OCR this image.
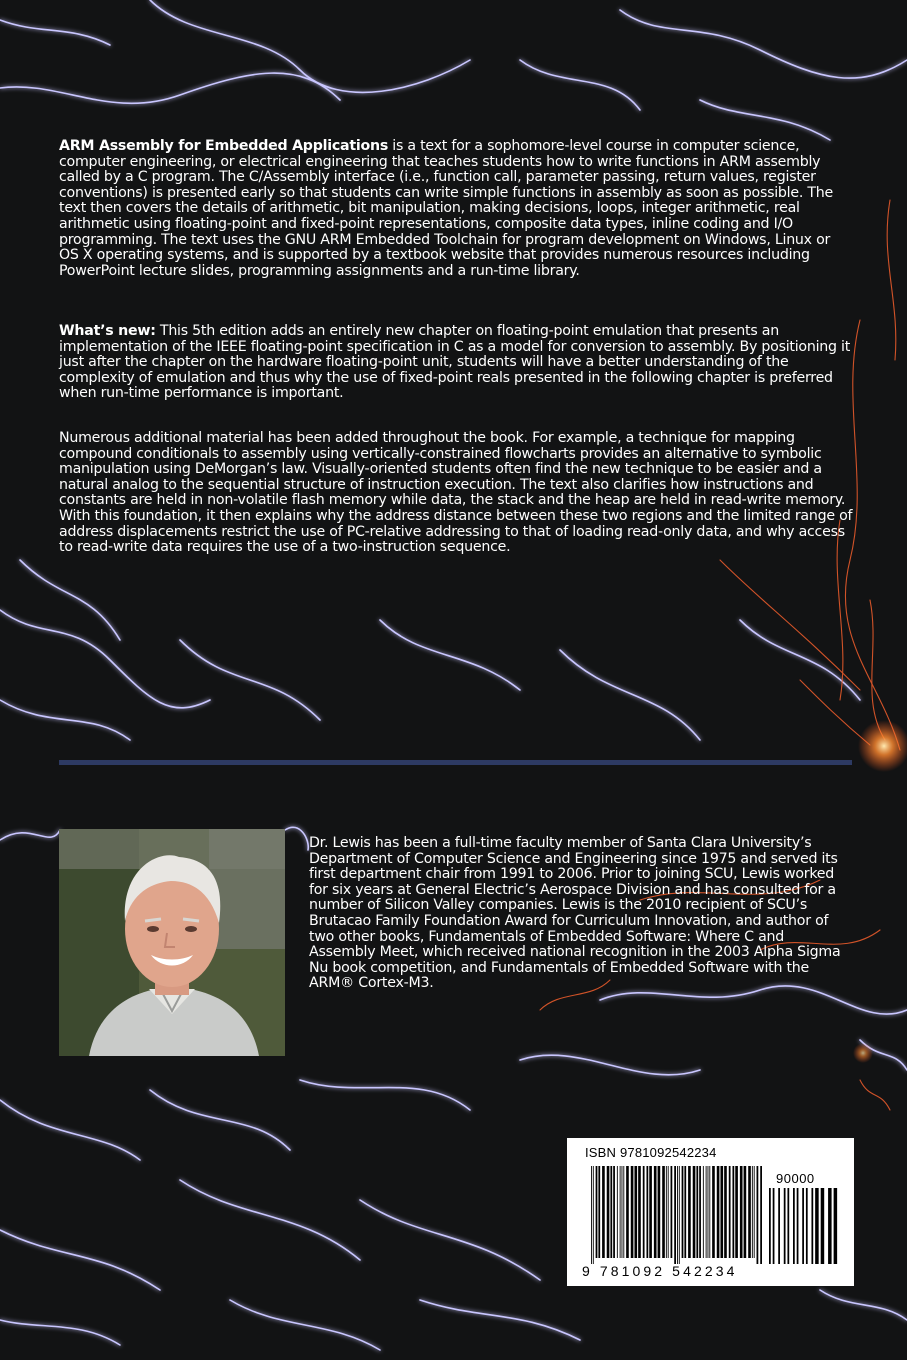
ARM Assembly for Embedded Applications is a text for a sophomore-level course in computer science, computer engineering, or electrical engineering that teaches students how to write functions in ARM assembly called by a C program. The C/Assembly interface (i.e., function call, parameter passing, return values, register conventions) is presented early so that students can write simple functions in assembly as soon as possible. The text then covers the details of arithmetic, bit manipulation, making decisions, loops, integer arithmetic, real arithmetic using floating-point and fixed-point representations, composite data types, inline coding and I/O programming. The text uses the GNU ARM Embedded Toolchain for program development on Windows, Linux or OS X operating systems, and is supported by a textbook website that provides numerous resources including PowerPoint lecture slides, programming assignments and a run-time library.

What’s new: This 5th edition adds an entirely new chapter on floating-point emulation that presents an implementation of the IEEE floating-point specification in C as a model for conversion to assembly. By positioning it just after the chapter on the hardware floating-point unit, students will have a better understanding of the complexity of emulation and thus why the use of fixed-point reals presented in the following chapter is preferred when run-time performance is important.

Numerous additional material has been added throughout the book. For example, a technique for mapping compound conditionals to assembly using vertically-constrained flowcharts provides an alternative to symbolic manipulation using DeMorgan’s law. Visually-oriented students often find the new technique to be easier and a natural analog to the sequential structure of instruction execution. The text also clarifies how instructions and constants are held in non-volatile flash memory while data, the stack and the heap are held in read-write memory. With this foundation, it then explains why the address distance between these two regions and the limited range of address displacements restrict the use of PC-relative addressing to that of loading read-only data, and why access to read-write data requires the use of a two-instruction sequence.

Dr. Lewis has been a full-time faculty member of Santa Clara University’s Department of Computer Science and Engineering since 1975 and served its first department chair from 1991 to 2006. Prior to joining SCU, Lewis worked for six years at General Electric’s Aerospace Division and has consulted for a number of Silicon Valley companies. Lewis is the 2010 recipient of SCU’s Brutacao Family Foundation Award for Curriculum Innovation, and author of two other books, Fundamentals of Embedded Software: Where C and Assembly Meet, which received national recognition in the 2003 Alpha Sigma Nu book competition, and Fundamentals of Embedded Software with the ARM® Cortex-M3.

ISBN 9781092542234
90000
9 781092 542234
